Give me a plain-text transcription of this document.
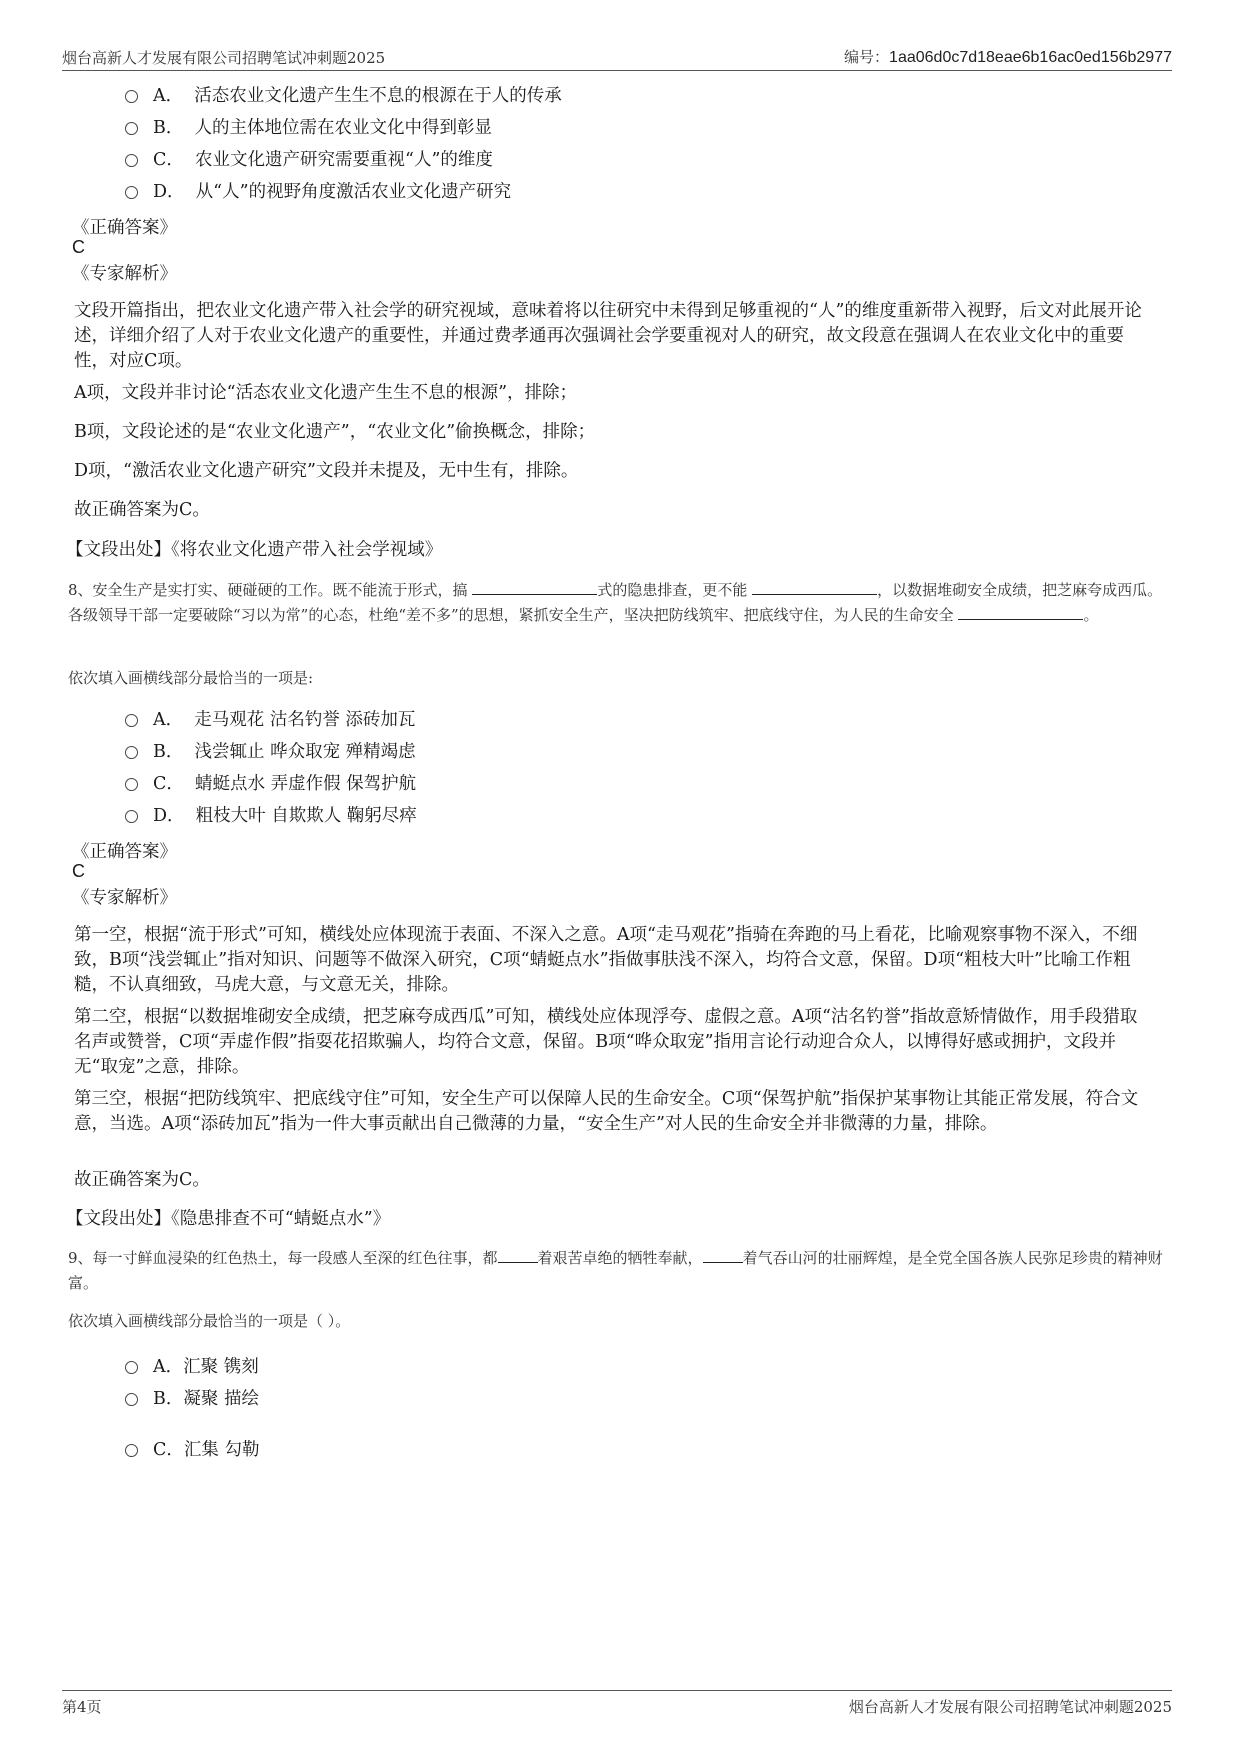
烟台高新人才发展有限公司招聘笔试冲刺题2025	编号：1aa06d0c7d18eae6b16ac0ed156b2977
A． 活态农业文化遗产生生不息的根源在于人的传承
B． 人的主体地位需在农业文化中得到彰显
C． 农业文化遗产研究需要重视“人”的维度
D． 从“人”的视野角度激活农业文化遗产研究
《正确答案》
C
《专家解析》
文段开篇指出，把农业文化遗产带入社会学的研究视域，意味着将以往研究中未得到足够重视的“人”的维度重新带入视野，后文对此展开论述，详细介绍了人对于农业文化遗产的重要性，并通过费孝通再次强调社会学要重视对人的研究，故文段意在强调人在农业文化中的重要性，对应C项。
A项，文段并非讨论“活态农业文化遗产生生不息的根源”，排除；
B项，文段论述的是“农业文化遗产”，“农业文化”偷换概念，排除；
D项，“激活农业文化遗产研究”文段并未提及，无中生有，排除。
故正确答案为C。
【文段出处】《将农业文化遗产带入社会学视域》
8、安全生产是实打实、硬碰硬的工作。既不能流于形式，搞	式的隐患排查，更不能	，以数据堆砌安全成绩，把芝麻夸成西瓜。各级领导干部一定要破除“习以为常”的心态，杜绝“差不多”的思想，紧抓安全生产，坚决把防线筑牢、把底线守住，为人民的生命安全	。
依次填入画横线部分最恰当的一项是:
A． 走马观花 沽名钓誉 添砖加瓦
B． 浅尝辄止 哗众取宠 殚精竭虑
C． 蜻蜓点水 弄虚作假 保驾护航
D． 粗枝大叶 自欺欺人 鞠躬尽瘁
《正确答案》
C
《专家解析》
第一空，根据“流于形式”可知，横线处应体现流于表面、不深入之意。A项“走马观花”指骑在奔跑的马上看花，比喻观察事物不深入，不细致，B项“浅尝辄止”指对知识、问题等不做深入研究，C项“蜻蜓点水”指做事肤浅不深入，均符合文意，保留。D项“粗枝大叶”比喻工作粗糙，不认真细致，马虎大意，与文意无关，排除。
第二空，根据“以数据堆砌安全成绩，把芝麻夸成西瓜”可知，横线处应体现浮夸、虚假之意。A项“沽名钓誉”指故意矫情做作，用手段猎取名声或赞誉，C项“弄虚作假”指耍花招欺骗人，均符合文意，保留。B项“哗众取宠”指用言论行动迎合众人，以博得好感或拥护，文段并无“取宠”之意，排除。
第三空，根据“把防线筑牢、把底线守住”可知，安全生产可以保障人民的生命安全。C项“保驾护航”指保护某事物让其能正常发展，符合文意，当选。A项“添砖加瓦”指为一件大事贡献出自己微薄的力量，“安全生产”对人民的生命安全并非微薄的力量，排除。
故正确答案为C。
【文段出处】《隐患排查不可“蜻蜓点水”》
9、每一寸鲜血浸染的红色热土，每一段感人至深的红色往事，都	着艰苦卓绝的牺牲奉献，	着气吞山河的壮丽辉煌，是全党全国各族人民弥足珍贵的精神财富。
依次填入画横线部分最恰当的一项是（ ）。
A．汇聚 镌刻
B．凝聚 描绘
C．汇集 勾勒
第4页	烟台高新人才发展有限公司招聘笔试冲刺题2025
